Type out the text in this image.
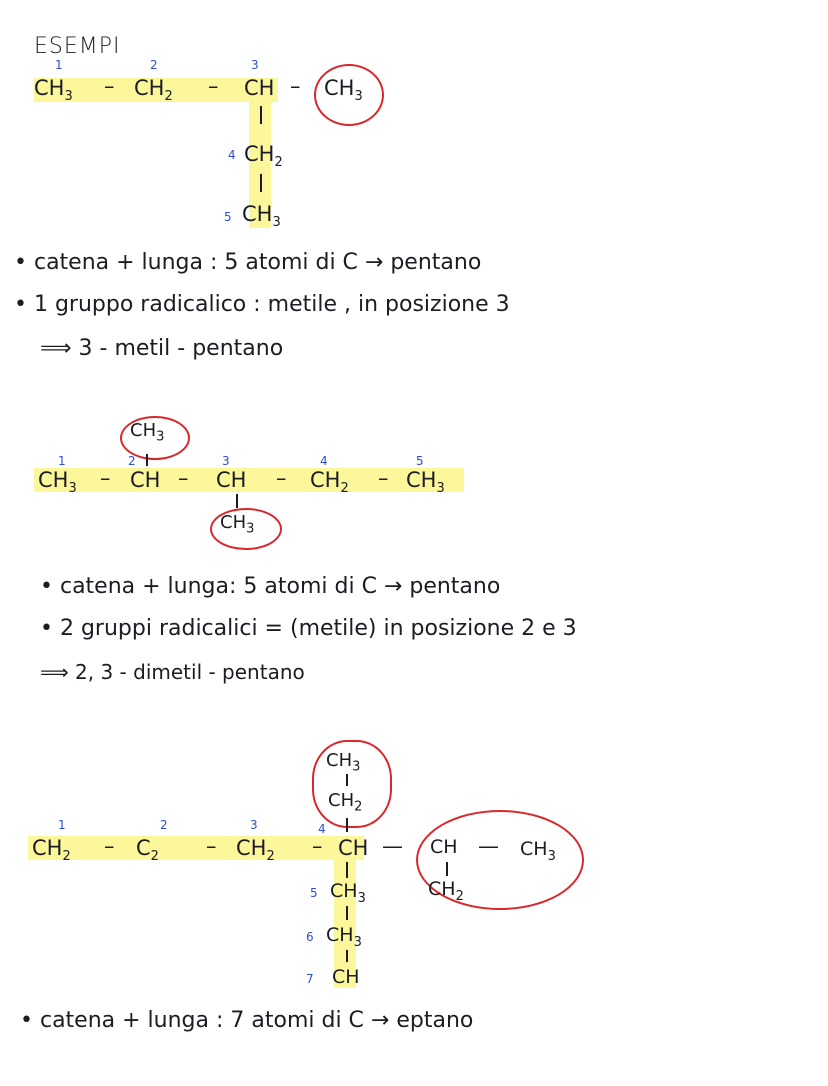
ESEMPI
1	2	3
$CH_3 - CH_2$ – CH – $CH_3$
4 $CH_2$
5 $CH_3$
• catena + lunga : 5 atomi di C → pentano
• 1 gruppo radicalico : metile , in posizione 3
⟹ 3 - metil - pentano
$CH_3$
1	2	3	4	5
$CH_3$ – CH – CH – $CH_2 - CH_3$
$CH_3$
• catena + lunga: 5 atomi di C → pentano
• 2 gruppi radicalici = (metile) in posizione 2 e 3
⟹ 2, 3 - dimetil - pentano
$CH_3$
$CH_2$
1	2	3	4
$CH_2 - C_2 - CH_2$ – CH — CH — $CH_3$
$CH_2$
5 $CH_3$
6 $CH_3$
7 CH
• catena + lunga : 7 atomi di C → eptano
